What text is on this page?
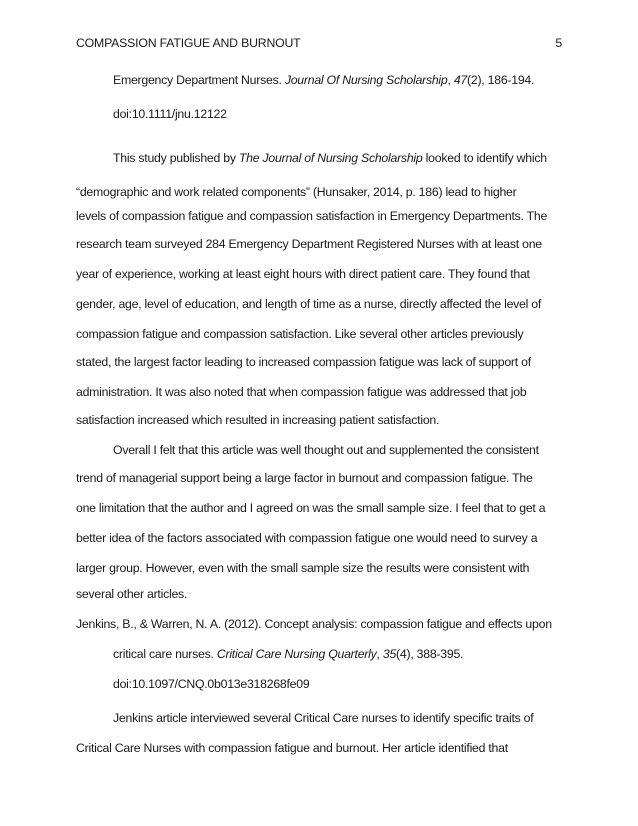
COMPASSION FATIGUE AND BURNOUT	5
Emergency Department Nurses. Journal Of Nursing Scholarship, 47(2), 186-194.
doi:10.1111/jnu.12122
This study published by The Journal of Nursing Scholarship looked to identify which
“demographic and work related components” (Hunsaker, 2014, p. 186) lead to higher
levels of compassion fatigue and compassion satisfaction in Emergency Departments. The
research team surveyed 284 Emergency Department Registered Nurses with at least one
year of experience, working at least eight hours with direct patient care. They found that
gender, age, level of education, and length of time as a nurse, directly affected the level of
compassion fatigue and compassion satisfaction. Like several other articles previously
stated, the largest factor leading to increased compassion fatigue was lack of support of
administration. It was also noted that when compassion fatigue was addressed that job
satisfaction increased which resulted in increasing patient satisfaction.
Overall I felt that this article was well thought out and supplemented the consistent
trend of managerial support being a large factor in burnout and compassion fatigue. The
one limitation that the author and I agreed on was the small sample size. I feel that to get a
better idea of the factors associated with compassion fatigue one would need to survey a
larger group. However, even with the small sample size the results were consistent with
several other articles.
Jenkins, B., & Warren, N. A. (2012). Concept analysis: compassion fatigue and effects upon
critical care nurses. Critical Care Nursing Quarterly, 35(4), 388-395.
doi:10.1097/CNQ.0b013e318268fe09
Jenkins article interviewed several Critical Care nurses to identify specific traits of
Critical Care Nurses with compassion fatigue and burnout. Her article identified that
